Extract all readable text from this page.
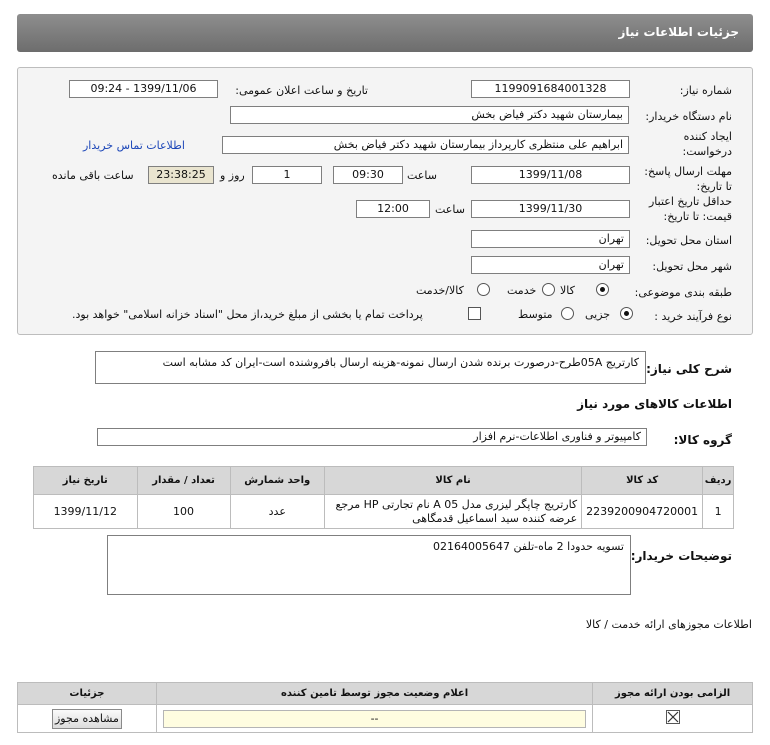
جزئیات اطلاعات نیاز
شماره نیاز:
1199091684001328
تاریخ و ساعت اعلان عمومی:
1399/11/06 - 09:24
نام دستگاه خریدار:
بیمارستان شهید دکتر فیاض بخش
ایجاد کننده
درخواست:
ابراهیم علی منتظری کارپرداز بیمارستان شهید دکتر فیاض بخش
اطلاعات تماس خریدار
مهلت ارسال پاسخ:
تا تاریخ:
1399/11/08
ساعت
09:30
1
روز و
23:38:25
ساعت باقی مانده
حداقل تاریخ اعتبار
قیمت: تا تاریخ:
1399/11/30
ساعت
12:00
استان محل تحویل:
تهران
شهر محل تحویل:
تهران
طبقه بندی موضوعی:
کالا
خدمت
کالا/خدمت
نوع فرآیند خرید :
جزیی
متوسط
پرداخت تمام یا بخشی از مبلغ خرید،از محل "اسناد خزانه اسلامی" خواهد بود.
شرح کلی نیاز:
کارتریج 05Aطرح-درصورت برنده شدن ارسال نمونه-هزینه ارسال بافروشنده است-ایران کد مشابه است
اطلاعات کالاهای مورد نیاز
گروه کالا:
کامپیوتر و فناوری اطلاعات-نرم افزار
ردیف	کد کالا	نام کالا	واحد شمارش	تعداد / مقدار	تاریخ نیاز
1	2239200904720001	کارتریج چاپگر لیزری مدل A 05 نام تجارتی HP مرجع عرضه کننده سید اسماعیل قدمگاهی	عدد	100	1399/11/12
توضیحات خریدار:
تسویه حدودا 2 ماه-تلفن 02164005647
اطلاعات مجوزهای ارائه خدمت / کالا
الزامی بودن ارائه مجوز	اعلام وضعیت مجوز توسط تامین کننده	جزئیات

--	مشاهده مجوز
